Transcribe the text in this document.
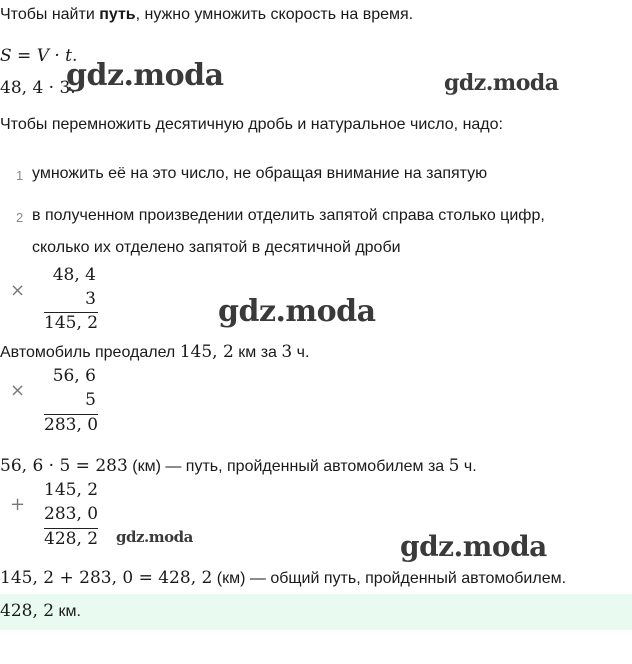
Чтобы найти путь, нужно умножить скорость на время.
S = V · t.
48, 4 · 3.
gdz.moda	gdz.moda
Чтобы перемножить десятичную дробь и натуральное число, надо:
1 умножить её на это число, не обращая внимание на запятую
2 в полученном произведении отделить запятой справа столько цифр,
сколько их отделено запятой в десятичной дроби
×
48, 4
3
145, 2	gdz.moda
Автомобиль преодалел 145, 2 км за 3 ч.
×
56, 6
5
283, 0
56, 6 · 5 = 283 (км) — путь, пройденный автомобилем за 5 ч.
+
145, 2
283, 0
428, 2 gdz.moda	gdz.moda
145, 2 + 283, 0 = 428, 2 (км) — общий путь, пройденный автомобилем.
428, 2 км.
